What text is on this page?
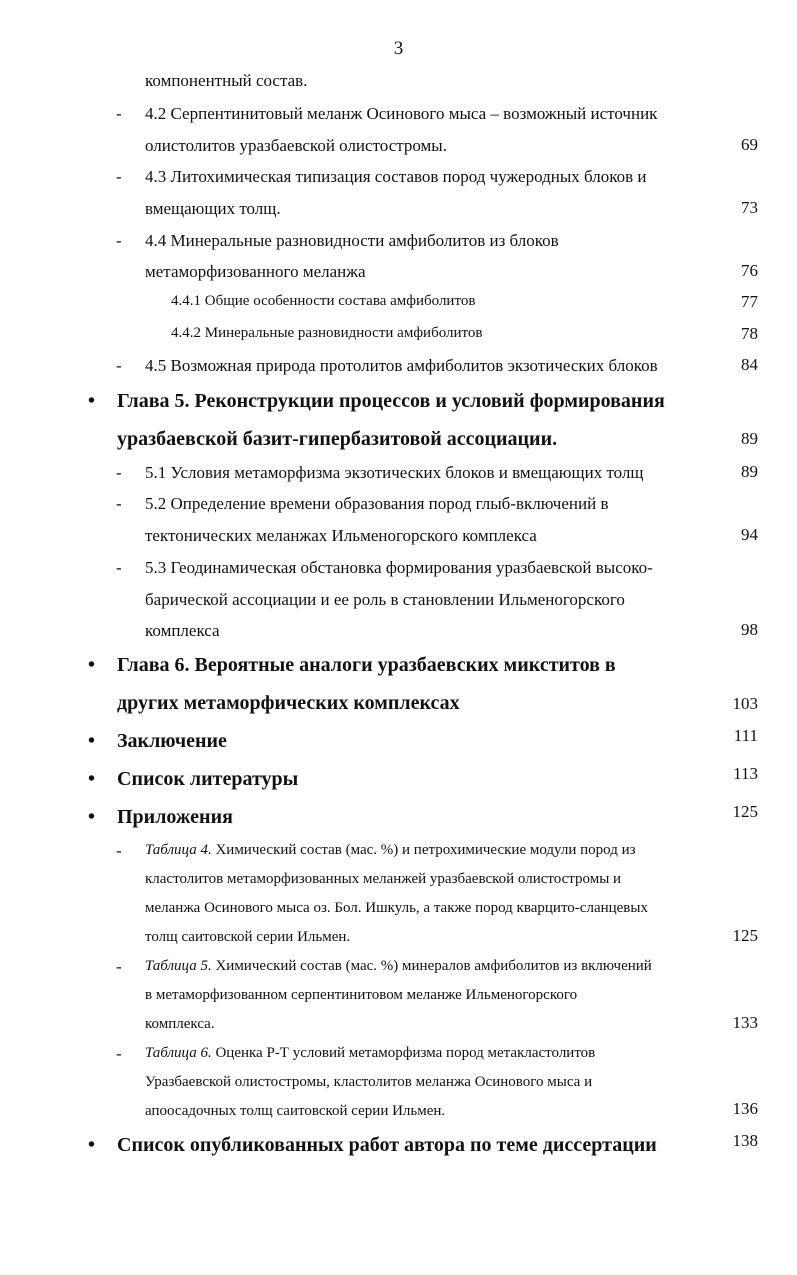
3
компонентный состав.
- 4.2 Серпентинитовый меланж Осинового мыса – возможный источник
олистолитов уразбаевской олистостромы.	69
- 4.3 Литохимическая типизация составов пород чужеродных блоков и
вмещающих толщ.	73
- 4.4 Минеральные разновидности амфиболитов из блоков
метаморфизованного меланжа	76
4.4.1 Общие особенности состава амфиболитов	77
4.4.2 Минеральные разновидности амфиболитов	78
- 4.5 Возможная природа протолитов амфиболитов экзотических блоков	84
• Глава 5. Реконструкции процессов и условий формирования
уразбаевской базит-гипербазитовой ассоциации.	89
- 5.1 Условия метаморфизма экзотических блоков и вмещающих толщ	89
- 5.2 Определение времени образования пород глыб-включений в
тектонических меланжах Ильменогорского комплекса	94
- 5.3 Геодинамическая обстановка формирования уразбаевской высоко-
барической ассоциации и ее роль в становлении Ильменогорского
комплекса	98
• Глава 6. Вероятные аналоги уразбаевских микститов в
других метаморфических комплексах	103
• Заключение	111
• Список литературы	113
• Приложения	125
- Таблица 4. Химический состав (мас. %) и петрохимические модули пород из
кластолитов метаморфизованных меланжей уразбаевской олистостромы и
меланжа Осинового мыса оз. Бол. Ишкуль, а также пород кварцито-сланцевых
толщ саитовской серии Ильмен.	125
- Таблица 5. Химический состав (мас. %) минералов амфиболитов из включений
в метаморфизованном серпентинитовом меланже Ильменогорского
комплекса.	133
- Таблица 6. Оценка Р-Т условий метаморфизма пород метакластолитов
Уразбаевской олистостромы, кластолитов меланжа Осинового мыса и
апоосадочных толщ саитовской серии Ильмен.	136
• Список опубликованных работ автора по теме диссертации	138
